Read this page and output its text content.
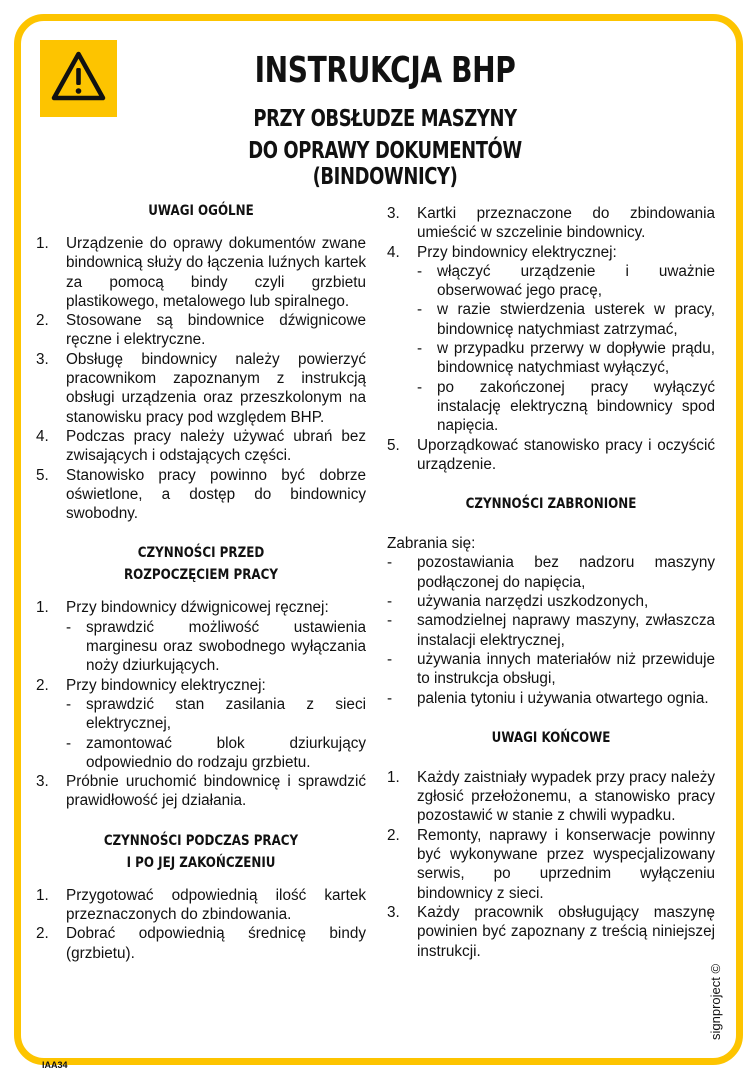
INSTRUKCJA BHP
PRZY OBSŁUDZE MASZYNY
DO OPRAWY DOKUMENTÓW (BINDOWNICY)

UWAGI OGÓLNE

1.	Urządzenie do oprawy dokumentów zwane bindownicą służy do łączenia luźnych kartek za pomocą bindy czyli grzbietu plastikowego, metalowego lub spiralnego.
2.	Stosowane są bindownice dźwignicowe ręczne i elektryczne.
3.	Obsługę bindownicy należy powierzyć pracownikom zapoznanym z instrukcją obsługi urządzenia oraz przeszkolonym na stanowisku pracy pod względem BHP.
4.	Podczas pracy należy używać ubrań bez zwisających i odstających części.
5.	Stanowisko pracy powinno być dobrze oświetlone, a dostęp do bindownicy swobodny.

CZYNNOŚCI PRZED

ROZPOCZĘCIEM PRACY

1.	Przy bindownicy dźwignicowej ręcznej:
- sprawdzić możliwość ustawienia marginesu oraz swobodnego wyłączania noży dziurkujących.
2.	Przy bindownicy elektrycznej:
- sprawdzić stan zasilania z sieci elektrycznej,
- zamontować blok dziurkujący odpowiednio do rodzaju grzbietu.
3.	Próbnie uruchomić bindownicę i sprawdzić prawidłowość jej działania.

CZYNNOŚCI PODCZAS PRACY

I PO JEJ ZAKOŃCZENIU

1.	Przygotować odpowiednią ilość kartek przeznaczonych do zbindowania.
2.	Dobrać odpowiednią średnicę bindy (grzbietu).
3.	Kartki przeznaczone do zbindowania umieścić w szczelinie bindownicy.
4.	Przy bindownicy elektrycznej:
- włączyć urządzenie i uważnie obserwować jego pracę,
- w razie stwierdzenia usterek w pracy, bindownicę natychmiast zatrzymać,
- w przypadku przerwy w dopływie prądu, bindownicę natychmiast wyłączyć,
- po zakończonej pracy wyłączyć instalację elektryczną bindownicy spod napięcia.
5.	Uporządkować stanowisko pracy i oczyścić urządzenie.

CZYNNOŚCI ZABRONIONE

Zabrania się:
-	pozostawiania bez nadzoru maszyny podłączonej do napięcia,
-	używania narzędzi uszkodzonych,
-	samodzielnej naprawy maszyny, zwłaszcza instalacji elektrycznej,
-	używania innych materiałów niż przewiduje to instrukcja obsługi,
-	palenia tytoniu i używania otwartego ognia.

UWAGI KOŃCOWE

1.	Każdy zaistniały wypadek przy pracy należy zgłosić przełożonemu, a stanowisko pracy pozostawić w stanie z chwili wypadku.
2.	Remonty, naprawy i konserwacje powinny być wykonywane przez wyspecjalizowany serwis, po uprzednim wyłączeniu bindownicy z sieci.
3.	Każdy pracownik obsługujący maszynę powinien być zapoznany z treścią niniejszej instrukcji.
IAA34
signproject ©
